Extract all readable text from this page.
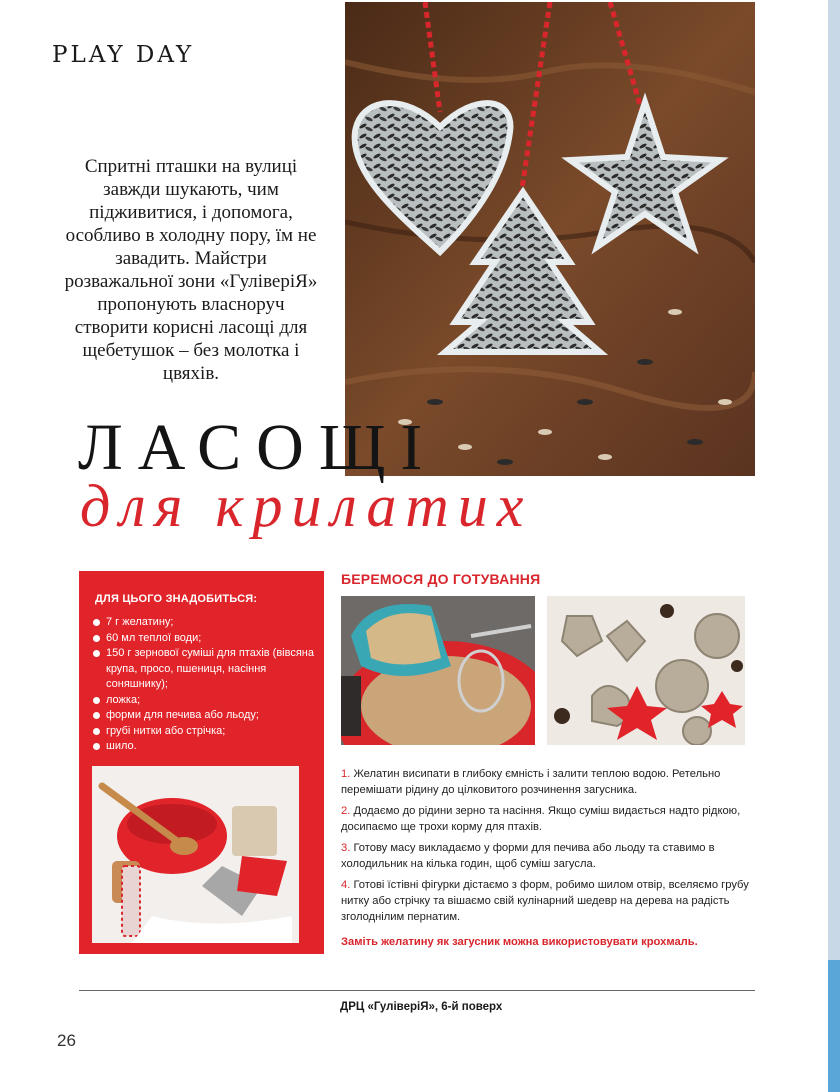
PLAY DAY
Спритні пташки на вулиці завжди шукають, чим підживитися, і допомога, особливо в холодну пору, їм не завадить. Майстри розважальної зони «ГуліверіЯ» пропонують власноруч створити корисні ласощі для щебетушок – без молотка і цвяхів.
ЛАСОЩІ
для крилатих
ДЛЯ ЦЬОГО ЗНАДОБИТЬСЯ:
7 г желатину;
60 мл теплої води;
150 г зернової суміші для птахів (вівсяна крупа, просо, пшениця, насіння соняшнику);
ложка;
форми для печива або льоду;
грубі нитки або стрічка;
шило.
БЕРЕМОСЯ ДО ГОТУВАННЯ
1. Желатин висипати в глибоку ємність і залити теплою водою. Ретельно перемішати рідину до цілковитого розчинення загусника.
2. Додаємо до рідини зерно та насіння. Якщо суміш видається надто рідкою, досипаємо ще трохи корму для птахів.
3. Готову масу викладаємо у форми для печива або льоду та ставимо в холодильник на кілька годин, щоб суміш загусла.
4. Готові їстівні фігурки дістаємо з форм, робимо шилом отвір, вселяємо грубу нитку або стрічку та вішаємо свій кулінарний шедевр на дерева на радість зголоднілим пернатим.
Заміть желатину як загусник можна використовувати крохмаль.
ДРЦ «ГуліверіЯ», 6-й поверх
26
